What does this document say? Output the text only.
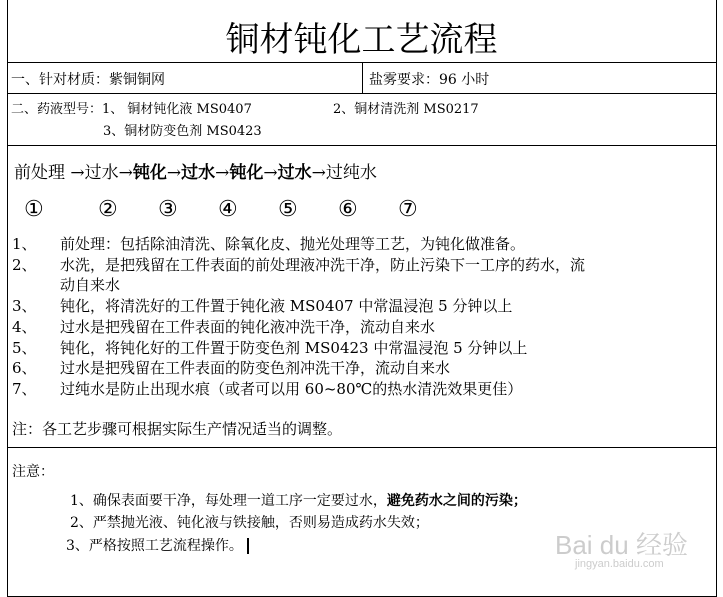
铜材钝化工艺流程
一、针对材质：紫铜铜网	盐雾要求：96 小时
二、药液型号：1、 铜材钝化液 MS0407	2、铜材清洗剂 MS0217
3、铜材防变色剂 MS0423
前处理 →过水→钝化→过水→钝化→过水→过纯水
① ② ③ ④ ⑤ ⑥ ⑦
1、 前处理：包括除油清洗、除氧化皮、抛光处理等工艺，为钝化做准备。
2、 水洗，是把残留在工件表面的前处理液冲洗干净，防止污染下一工序的药水，流
动自来水
3、 钝化，将清洗好的工件置于钝化液 MS0407 中常温浸泡 5 分钟以上
4、 过水是把残留在工件表面的钝化液冲洗干净，流动自来水
5、 钝化，将钝化好的工件置于防变色剂 MS0423 中常温浸泡 5 分钟以上
6、 过水是把残留在工件表面的防变色剂冲洗干净，流动自来水
7、 过纯水是防止出现水痕（或者可以用 60~80℃的热水清洗效果更佳）
注：各工艺步骤可根据实际生产情况适当的调整。
注意：
1、确保表面要干净，每处理一道工序一定要过水，避免药水之间的污染；
2、严禁抛光液、钝化液与铁接触，否则易造成药水失效；
3、严格按照工艺流程操作。	Bai du 经验
jingyan.baidu.com
